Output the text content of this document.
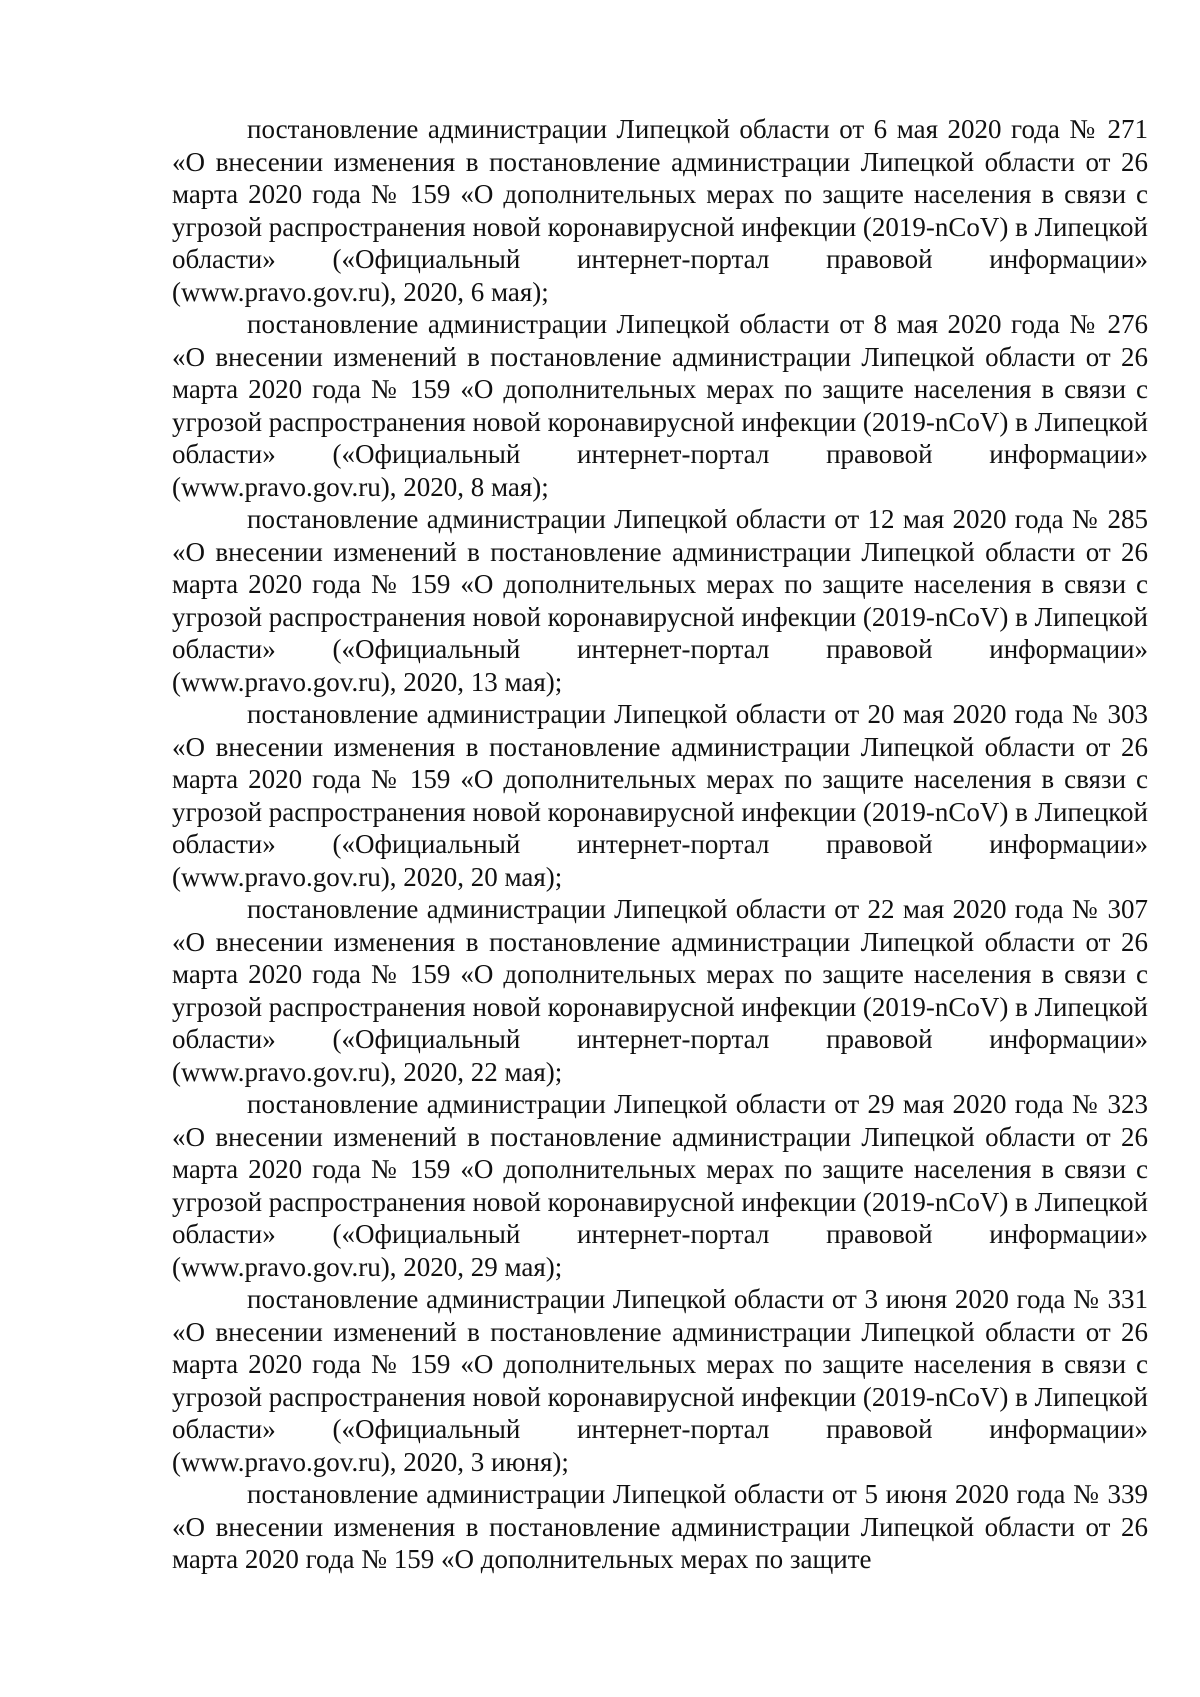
постановление администрации Липецкой области от 6 мая 2020 года № 271 «О внесении изменения в постановление администрации Липецкой области от 26 марта 2020 года № 159 «О дополнительных мерах по защите населения в связи с угрозой распространения новой коронавирусной инфекции (2019-nCoV) в Липецкой области» («Официальный интернет-портал правовой информации» (www.pravo.gov.ru), 2020, 6 мая);

постановление администрации Липецкой области от 8 мая 2020 года № 276 «О внесении изменений в постановление администрации Липецкой области от 26 марта 2020 года № 159 «О дополнительных мерах по защите населения в связи с угрозой распространения новой коронавирусной инфекции (2019-nCoV) в Липецкой области» («Официальный интернет-портал правовой информации» (www.pravo.gov.ru), 2020, 8 мая);

постановление администрации Липецкой области от 12 мая 2020 года № 285 «О внесении изменений в постановление администрации Липецкой области от 26 марта 2020 года № 159 «О дополнительных мерах по защите населения в связи с угрозой распространения новой коронавирусной инфекции (2019-nCoV) в Липецкой области» («Официальный интернет-портал правовой информации» (www.pravo.gov.ru), 2020, 13 мая);

постановление администрации Липецкой области от 20 мая 2020 года № 303 «О внесении изменения в постановление администрации Липецкой области от 26 марта 2020 года № 159 «О дополнительных мерах по защите населения в связи с угрозой распространения новой коронавирусной инфекции (2019-nCoV) в Липецкой области» («Официальный интернет-портал правовой информации» (www.pravo.gov.ru), 2020, 20 мая);

постановление администрации Липецкой области от 22 мая 2020 года № 307 «О внесении изменения в постановление администрации Липецкой области от 26 марта 2020 года № 159 «О дополнительных мерах по защите населения в связи с угрозой распространения новой коронавирусной инфекции (2019-nCoV) в Липецкой области» («Официальный интернет-портал правовой информации» (www.pravo.gov.ru), 2020, 22 мая);

постановление администрации Липецкой области от 29 мая 2020 года № 323 «О внесении изменений в постановление администрации Липецкой области от 26 марта 2020 года № 159 «О дополнительных мерах по защите населения в связи с угрозой распространения новой коронавирусной инфекции (2019-nCoV) в Липецкой области» («Официальный интернет-портал правовой информации» (www.pravo.gov.ru), 2020, 29 мая);

постановление администрации Липецкой области от 3 июня 2020 года № 331 «О внесении изменений в постановление администрации Липецкой области от 26 марта 2020 года № 159 «О дополнительных мерах по защите населения в связи с угрозой распространения новой коронавирусной инфекции (2019-nCoV) в Липецкой области» («Официальный интернет-портал правовой информации» (www.pravo.gov.ru), 2020, 3 июня);

постановление администрации Липецкой области от 5 июня 2020 года № 339 «О внесении изменения в постановление администрации Липецкой области от 26 марта 2020 года № 159 «О дополнительных мерах по защите
